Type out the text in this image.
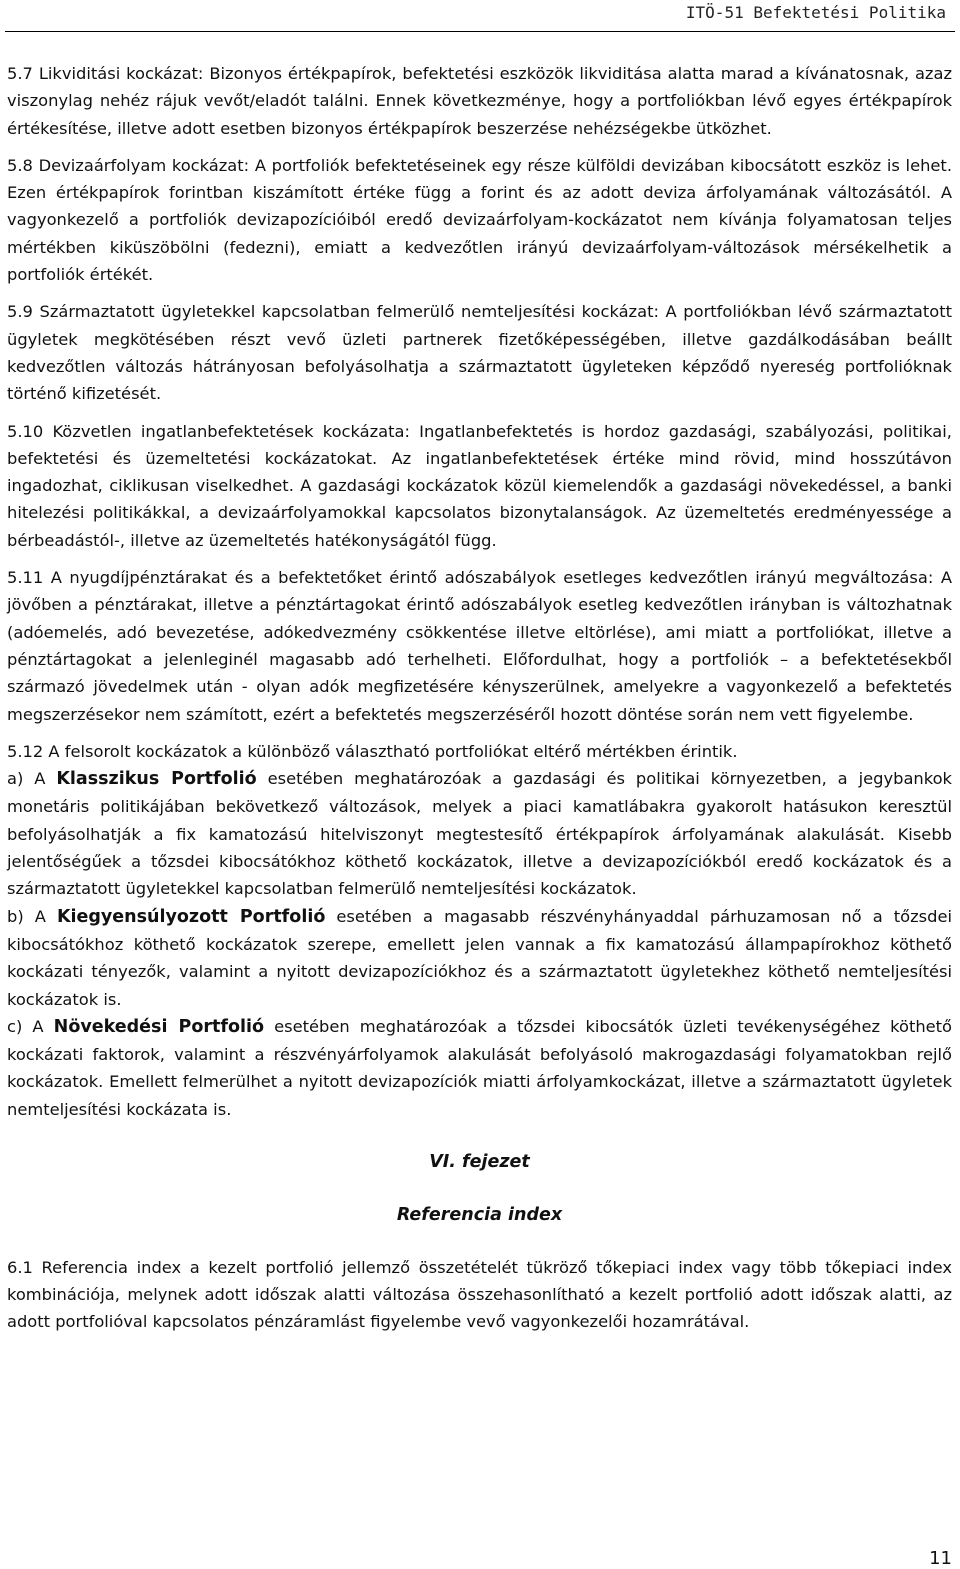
ITÖ-51 Befektetési Politika

5.7 Likviditási kockázat: Bizonyos értékpapírok, befektetési eszközök likviditása alatta marad a kívánatosnak, azaz viszonylag nehéz rájuk vevőt/eladót találni. Ennek következménye, hogy a portfoliókban lévő egyes értékpapírok értékesítése, illetve adott esetben bizonyos értékpapírok beszerzése nehézségekbe ütközhet.

5.8 Devizaárfolyam kockázat: A portfoliók befektetéseinek egy része külföldi devizában kibocsátott eszköz is lehet. Ezen értékpapírok forintban kiszámított értéke függ a forint és az adott deviza árfolyamának változásától. A vagyonkezelő a portfoliók devizapozícióiból eredő devizaárfolyam-kockázatot nem kívánja folyamatosan teljes mértékben kiküszöbölni (fedezni), emiatt a kedvezőtlen irányú devizaárfolyam-változások mérsékelhetik a portfoliók értékét.

5.9 Származtatott ügyletekkel kapcsolatban felmerülő nemteljesítési kockázat: A portfoliókban lévő származtatott ügyletek megkötésében részt vevő üzleti partnerek fizetőképességében, illetve gazdálkodásában beállt kedvezőtlen változás hátrányosan befolyásolhatja a származtatott ügyleteken képződő nyereség portfolióknak történő kifizetését.

5.10 Közvetlen ingatlanbefektetések kockázata: Ingatlanbefektetés is hordoz gazdasági, szabályozási, politikai, befektetési és üzemeltetési kockázatokat. Az ingatlanbefektetések értéke mind rövid, mind hosszútávon ingadozhat, ciklikusan viselkedhet. A gazdasági kockázatok közül kiemelendők a gazdasági növekedéssel, a banki hitelezési politikákkal, a devizaárfolyamokkal kapcsolatos bizonytalanságok. Az üzemeltetés eredményessége a bérbeadástól-, illetve az üzemeltetés hatékonyságától függ.

5.11 A nyugdíjpénztárakat és a befektetőket érintő adószabályok esetleges kedvezőtlen irányú megváltozása: A jövőben a pénztárakat, illetve a pénztártagokat érintő adószabályok esetleg kedvezőtlen irányban is változhatnak (adóemelés, adó bevezetése, adókedvezmény csökkentése illetve eltörlése), ami miatt a portfoliókat, illetve a pénztártagokat a jelenleginél magasabb adó terhelheti. Előfordulhat, hogy a portfoliók – a befektetésekből származó jövedelmek után - olyan adók megfizetésére kényszerülnek, amelyekre a vagyonkezelő a befektetés megszerzésekor nem számított, ezért a befektetés megszerzéséről hozott döntése során nem vett figyelembe.

5.12 A felsorolt kockázatok a különböző választható portfoliókat eltérő mértékben érintik.

a) A Klasszikus Portfolió esetében meghatározóak a gazdasági és politikai környezetben, a jegybankok monetáris politikájában bekövetkező változások, melyek a piaci kamatlábakra gyakorolt hatásukon keresztül befolyásolhatják a fix kamatozású hitelviszonyt megtestesítő értékpapírok árfolyamának alakulását. Kisebb jelentőségűek a tőzsdei kibocsátókhoz köthető kockázatok, illetve a devizapozíciókból eredő kockázatok és a származtatott ügyletekkel kapcsolatban felmerülő nemteljesítési kockázatok.

b) A Kiegyensúlyozott Portfolió esetében a magasabb részvényhányaddal párhuzamosan nő a tőzsdei kibocsátókhoz köthető kockázatok szerepe, emellett jelen vannak a fix kamatozású állampapírokhoz köthető kockázati tényezők, valamint a nyitott devizapozíciókhoz és a származtatott ügyletekhez köthető nemteljesítési kockázatok is.

c) A Növekedési Portfolió esetében meghatározóak a tőzsdei kibocsátók üzleti tevékenységéhez köthető kockázati faktorok, valamint a részvényárfolyamok alakulását befolyásoló makrogazdasági folyamatokban rejlő kockázatok. Emellett felmerülhet a nyitott devizapozíciók miatti árfolyamkockázat, illetve a származtatott ügyletek nemteljesítési kockázata is.

VI. fejezet

Referencia index

6.1 Referencia index a kezelt portfolió jellemző összetételét tükröző tőkepiaci index vagy több tőkepiaci index kombinációja, melynek adott időszak alatti változása összehasonlítható a kezelt portfolió adott időszak alatti, az adott portfolióval kapcsolatos pénzáramlást figyelembe vevő vagyonkezelői hozamrátával.

11
